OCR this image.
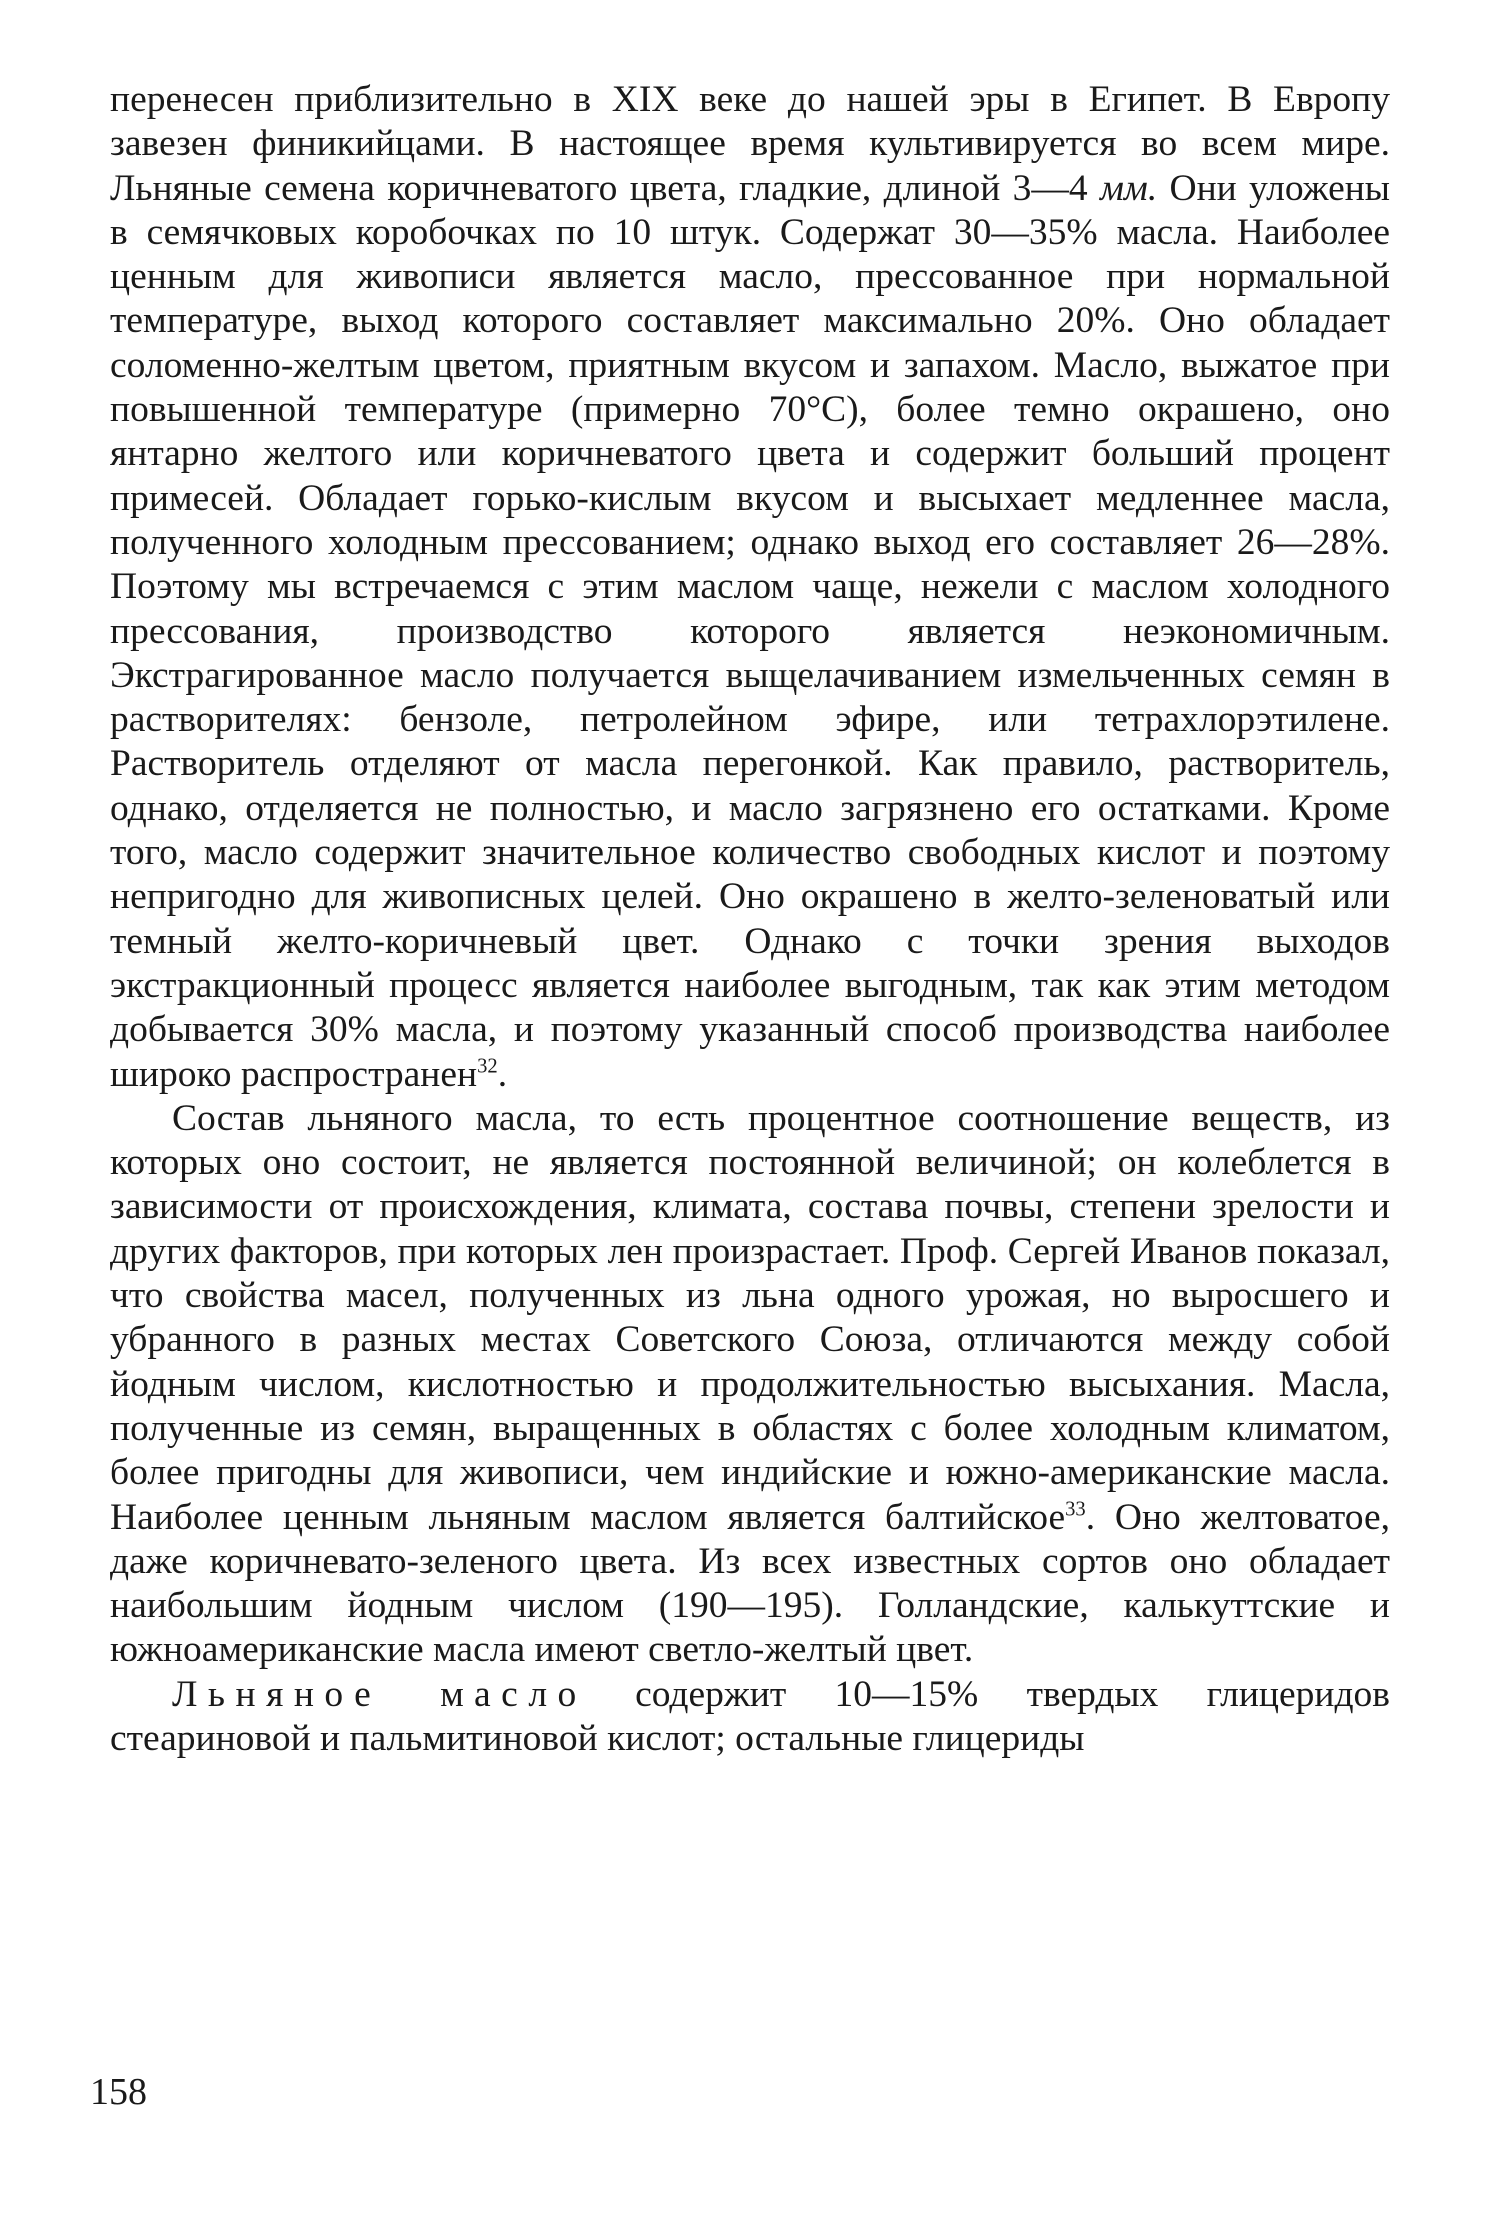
перенесен приблизительно в XIX веке до нашей эры в Египет. В Европу завезен финикийцами. В настоящее время культивируется во всем мире. Льняные семена коричневатого цвета, гладкие, длиной 3—4 мм. Они уложены в семячковых коробочках по 10 штук. Содержат 30—35% масла. Наиболее ценным для живописи является масло, прессованное при нормальной температуре, выход которого составляет максимально 20%. Оно обладает соломенно-желтым цветом, приятным вкусом и запахом. Масло, выжатое при повышенной температуре (примерно 70°С), более темно окрашено, оно янтарно желтого или коричневатого цвета и содержит больший процент примесей. Обладает горько-кислым вкусом и высыхает медленнее масла, полученного холодным прессованием; однако выход его составляет 26—28%. Поэтому мы встречаемся с этим маслом чаще, нежели с маслом холодного прессования, производство которого является неэкономичным. Экстрагированное масло получается выщелачиванием измельченных семян в растворителях: бензоле, петролейном эфире, или тетрахлорэтилене. Растворитель отделяют от масла перегонкой. Как правило, растворитель, однако, отделяется не полностью, и масло загрязнено его остатками. Кроме того, масло содержит значительное количество свободных кислот и поэтому непригодно для живописных целей. Оно окрашено в желто-зеленоватый или темный желто-коричневый цвет. Однако с точки зрения выходов экстракционный процесс является наиболее выгодным, так как этим методом добывается 30% масла, и поэтому указанный способ производства наиболее широко распространен$^{32}$.

Состав льняного масла, то есть процентное соотношение веществ, из которых оно состоит, не является постоянной величиной; он колеблется в зависимости от происхождения, климата, состава почвы, степени зрелости и других факторов, при которых лен произрастает. Проф. Сергей Иванов показал, что свойства масел, полученных из льна одного урожая, но выросшего и убранного в разных местах Советского Союза, отличаются между собой йодным числом, кислотностью и продолжительностью высыхания. Масла, полученные из семян, выращенных в областях с более холодным климатом, более пригодны для живописи, чем индийские и южно-американские масла. Наиболее ценным льняным маслом является балтийское$^{33}$. Оно желтоватое, даже коричневато-зеленого цвета. Из всех известных сортов оно обладает наибольшим йодным числом (190—195). Голландские, калькуттские и южноамериканские масла имеют светло-желтый цвет.

Льняное масло содержит 10—15% твердых глицеридов стеариновой и пальмитиновой кислот; остальные глицериды

158
